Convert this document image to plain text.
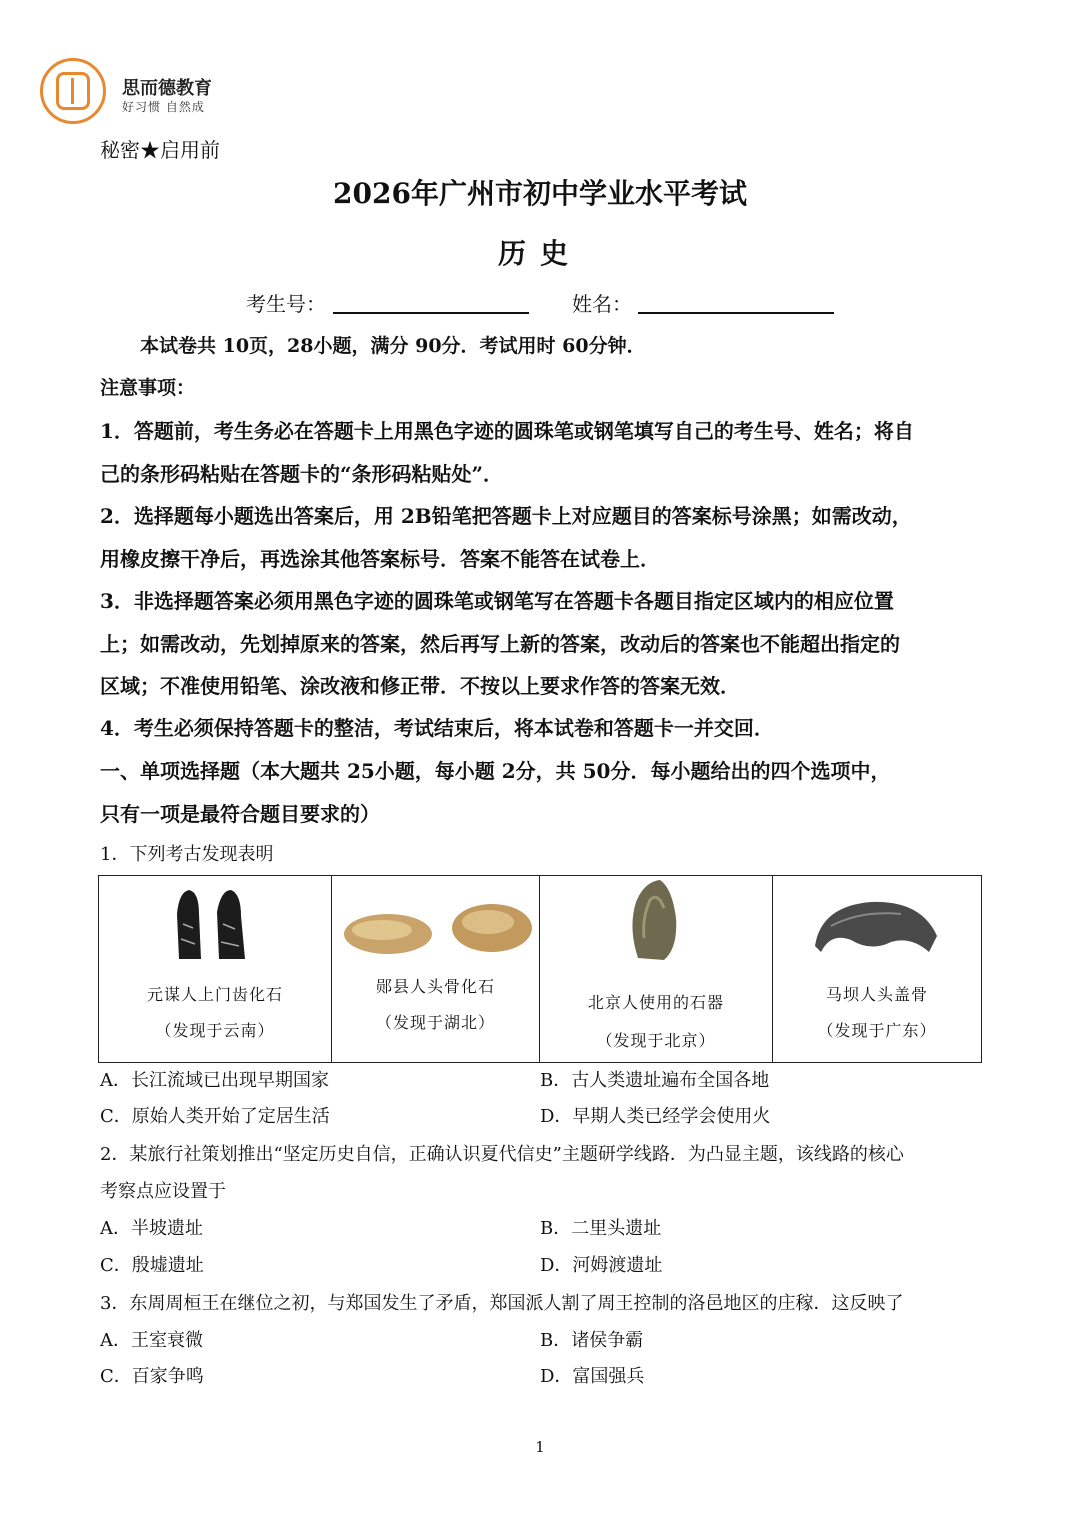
思而德教育
好习惯 自然成
秘密★启用前
2026年广州市初中学业水平考试
历史
考生号：	姓名：
本试卷共 10页，28小题，满分 90分．考试用时 60分钟．
注意事项：
1．答题前，考生务必在答题卡上用黑色字迹的圆珠笔或钢笔填写自己的考生号、姓名；将自
己的条形码粘贴在答题卡的“条形码粘贴处”．
2．选择题每小题选出答案后，用 2B铅笔把答题卡上对应题目的答案标号涂黑；如需改动，
用橡皮擦干净后，再选涂其他答案标号．答案不能答在试卷上．
3．非选择题答案必须用黑色字迹的圆珠笔或钢笔写在答题卡各题目指定区域内的相应位置
上；如需改动，先划掉原来的答案，然后再写上新的答案，改动后的答案也不能超出指定的
区域；不准使用铅笔、涂改液和修正带．不按以上要求作答的答案无效．
4．考生必须保持答题卡的整洁，考试结束后，将本试卷和答题卡一并交回．
一、单项选择题（本大题共 25小题，每小题 2分，共 50分．每小题给出的四个选项中，
只有一项是最符合题目要求的）
1．下列考古发现表明
元谋人上门齿化石
（发现于云南）
郧县人头骨化石
（发现于湖北）
北京人使用的石器
（发现于北京）
马坝人头盖骨
（发现于广东）
A．长江流域已出现早期国家	B．古人类遗址遍布全国各地
C．原始人类开始了定居生活	D．早期人类已经学会使用火
2．某旅行社策划推出“坚定历史自信，正确认识夏代信史”主题研学线路．为凸显主题，该线路的核心
考察点应设置于
A．半坡遗址	B．二里头遗址
C．殷墟遗址	D．河姆渡遗址
3．东周周桓王在继位之初，与郑国发生了矛盾，郑国派人割了周王控制的洛邑地区的庄稼．这反映了
A．王室衰微	B．诸侯争霸
C．百家争鸣	D．富国强兵
1
